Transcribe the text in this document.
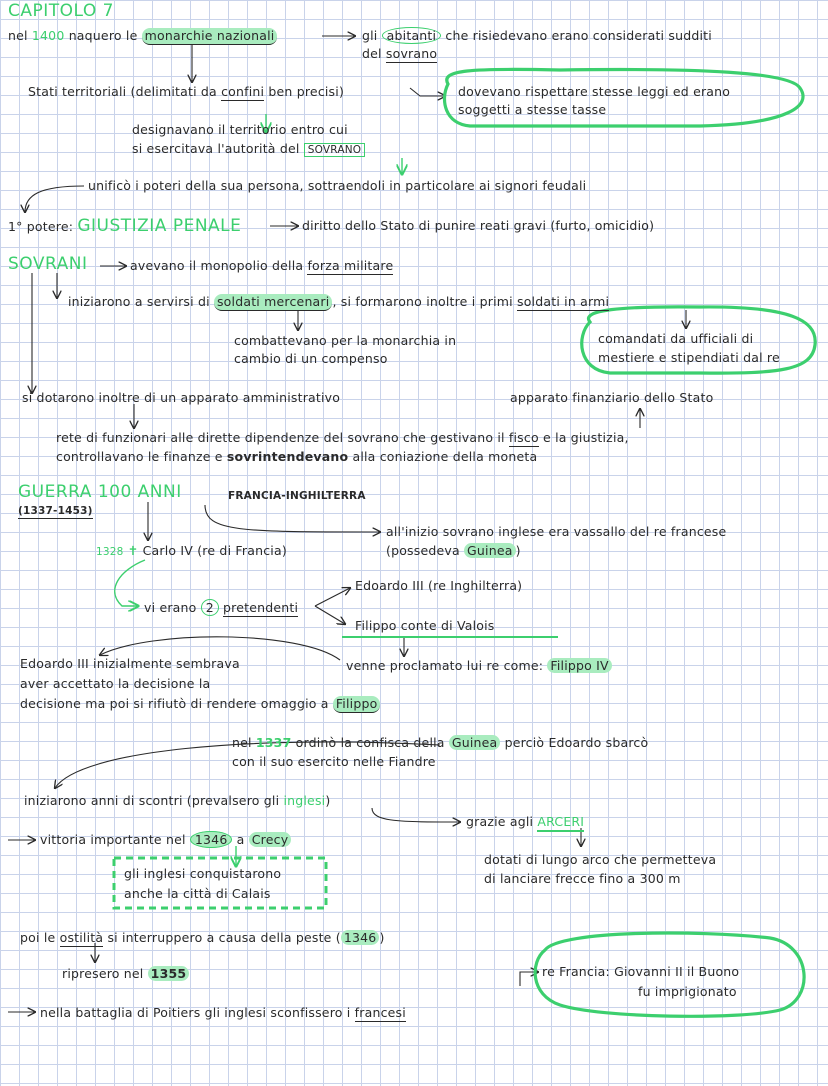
CAPITOLO 7
nel 1400 naquero le monarchie nazionali	gli abitanti che risiedevano erano considerati sudditi
del sovrano
Stati territoriali (delimitati da confini ben precisi)	dovevano rispettare stesse leggi ed erano
soggetti a stesse tasse
designavano il territorio entro cui
si esercitava l'autorità del SOVRANO
unificò i poteri della sua persona, sottraendoli in particolare ai signori feudali
1° potere: GIUSTIZIA PENALE	diritto dello Stato di punire reati gravi (furto, omicidio)
SOVRANI	avevano il monopolio della forza militare
iniziarono a servirsi di soldati mercenari , si formarono inoltre i primi soldati in armi
combattevano per la monarchia in
cambio di un compenso
comandati da ufficiali di
mestiere e stipendiati dal re
si dotarono inoltre di un apparato amministrativo	apparato finanziario dello Stato
rete di funzionari alle dirette dipendenze del sovrano che gestivano il fisco e la giustizia,
controllavano le finanze e sovrintendevano alla coniazione della moneta
GUERRA 100 ANNI	FRANCIA-INGHILTERRA
(1337-1453)
all'inizio sovrano inglese era vassallo del re francese
(possedeva Guinea )
1328 ✝ Carlo IV (re di Francia)
vi erano 2 pretendenti
Edoardo III (re Inghilterra)
Filippo conte di Valois
Edoardo III inizialmente sembrava
aver accettato la decisione la
decisione ma poi si rifiutò di rendere omaggio a Filippo
venne proclamato lui re come: Filippo IV
nel 1337 ordinò la confisca della Guinea perciò Edoardo sbarcò
con il suo esercito nelle Fiandre
iniziarono anni di scontri (prevalsero gli inglesi)
grazie agli ARCERI
vittoria importante nel 1346 a Crecy
dotati di lungo arco che permetteva
di lanciare frecce fino a 300 m
gli inglesi conquistarono
anche la città di Calais
poi le ostilità si interruppero a causa della peste ( 1346 )
ripresero nel 1355	re Francia: Giovanni II il Buono
fu imprigionato
nella battaglia di Poitiers gli inglesi sconfissero i francesi
